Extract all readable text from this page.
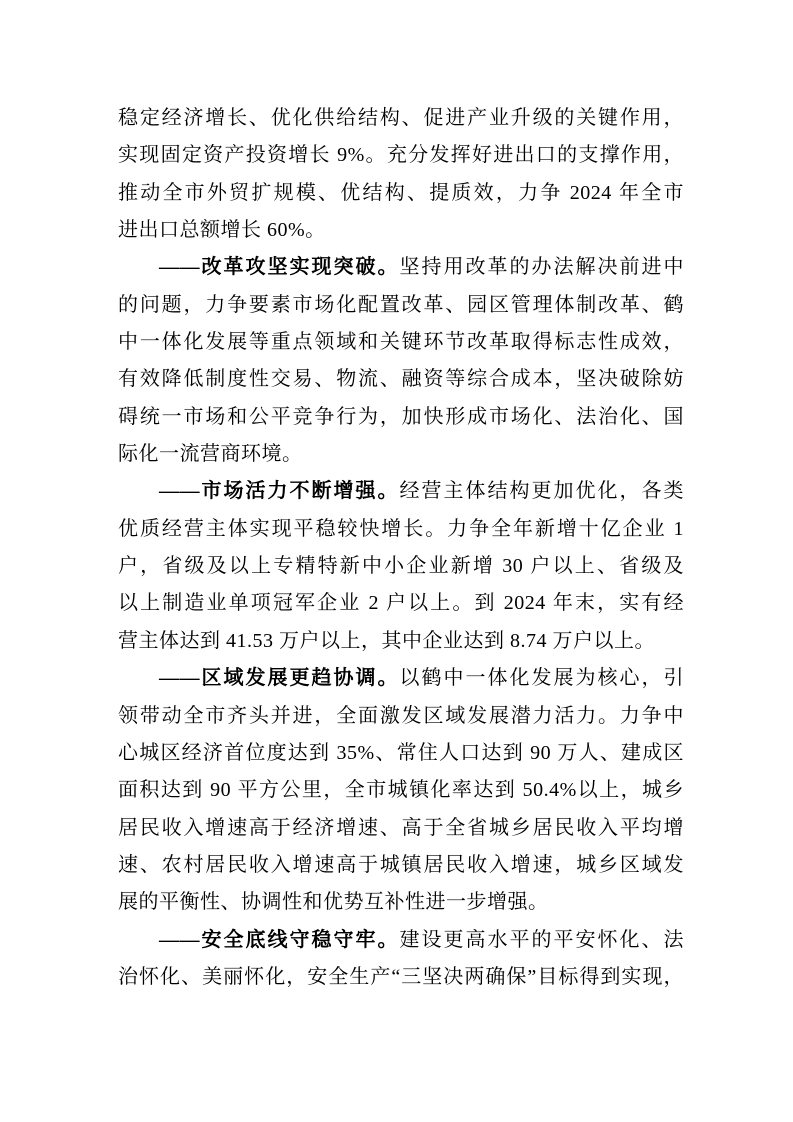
稳定经济增长、优化供给结构、促进产业升级的关键作用，
实现固定资产投资增长 9%。充分发挥好进出口的支撑作用，
推动全市外贸扩规模、优结构、提质效，力争 2024 年全市
进出口总额增长 60%。
——改革攻坚实现突破。坚持用改革的办法解决前进中
的问题，力争要素市场化配置改革、园区管理体制改革、鹤
中一体化发展等重点领域和关键环节改革取得标志性成效，
有效降低制度性交易、物流、融资等综合成本，坚决破除妨
碍统一市场和公平竞争行为，加快形成市场化、法治化、国
际化一流营商环境。
——市场活力不断增强。经营主体结构更加优化，各类
优质经营主体实现平稳较快增长。力争全年新增十亿企业 1
户，省级及以上专精特新中小企业新增 30 户以上、省级及
以上制造业单项冠军企业 2 户以上。到 2024 年末，实有经
营主体达到 41.53 万户以上，其中企业达到 8.74 万户以上。
——区域发展更趋协调。以鹤中一体化发展为核心，引
领带动全市齐头并进，全面激发区域发展潜力活力。力争中
心城区经济首位度达到 35%、常住人口达到 90 万人、建成区
面积达到 90 平方公里，全市城镇化率达到 50.4%以上，城乡
居民收入增速高于经济增速、高于全省城乡居民收入平均增
速、农村居民收入增速高于城镇居民收入增速，城乡区域发
展的平衡性、协调性和优势互补性进一步增强。
——安全底线守稳守牢。建设更高水平的平安怀化、法
治怀化、美丽怀化，安全生产“三坚决两确保”目标得到实现，
